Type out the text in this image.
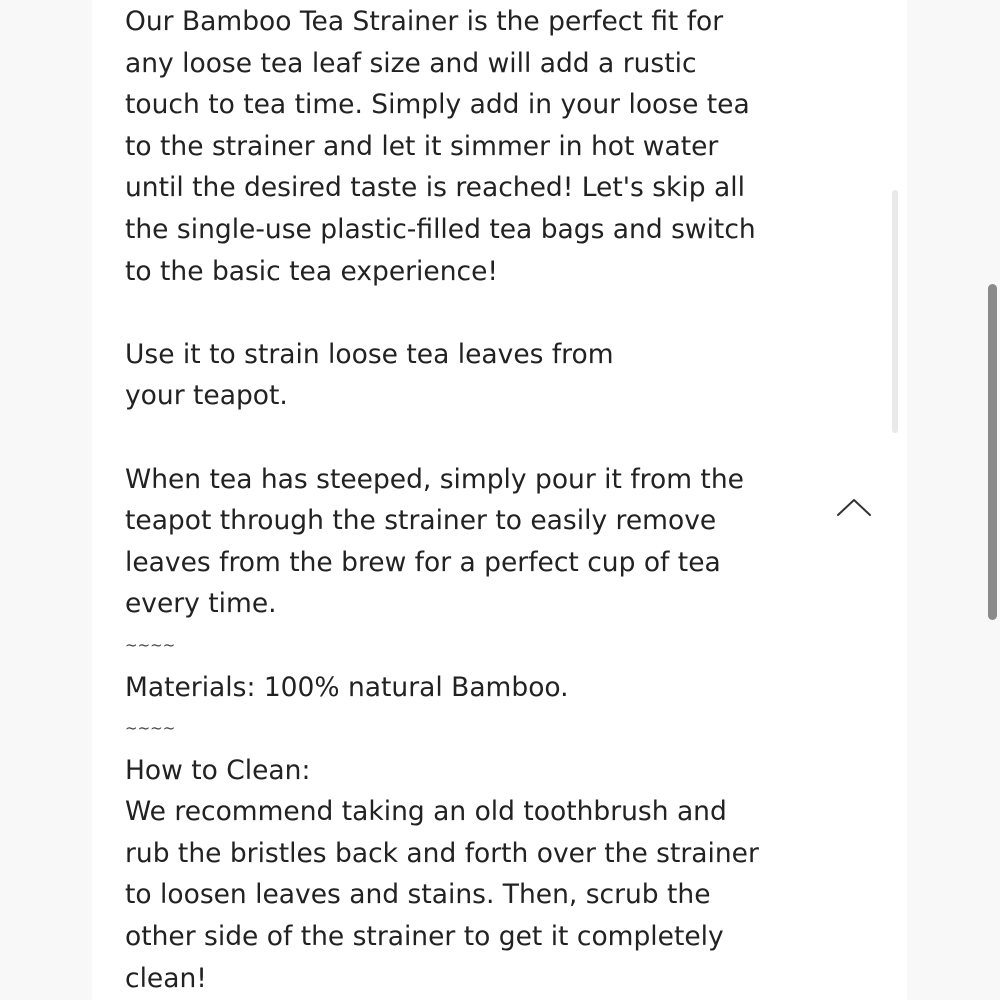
Our Bamboo Tea Strainer is the perfect fit for
any loose tea leaf size and will add a rustic
touch to tea time. Simply add in your loose tea
to the strainer and let it simmer in hot water
until the desired taste is reached! Let's skip all
the single-use plastic-filled tea bags and switch
to the basic tea experience!
Use it to strain loose tea leaves from
your teapot.
When tea has steeped, simply pour it from the
teapot through the strainer to easily remove
leaves from the brew for a perfect cup of tea
every time.
~~~~
Materials: 100% natural Bamboo.
~~~~
How to Clean:
We recommend taking an old toothbrush and
rub the bristles back and forth over the strainer
to loosen leaves and stains. Then, scrub the
other side of the strainer to get it completely
clean!
